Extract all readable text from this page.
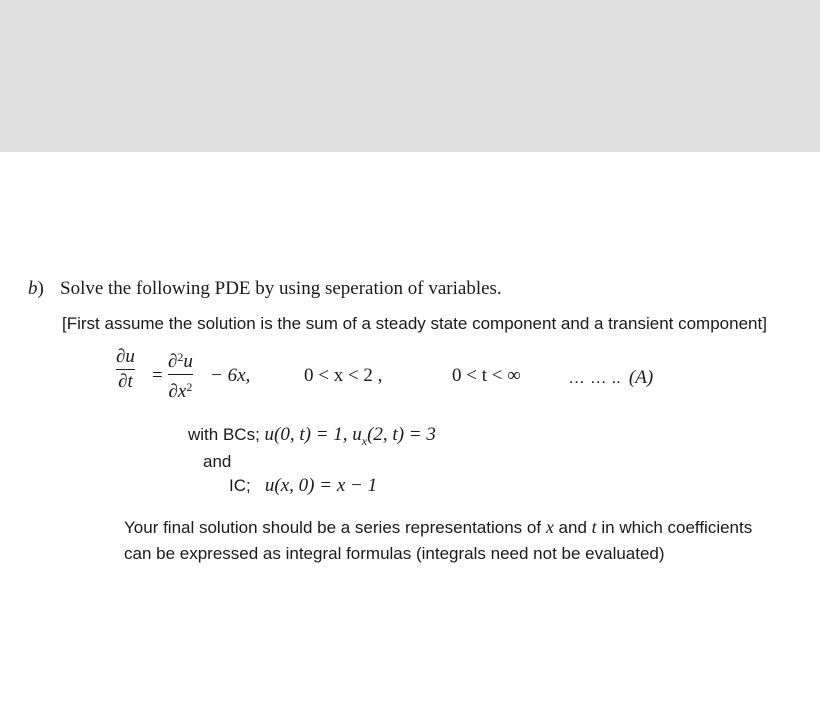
b) Solve the following PDE by using seperation of variables.
[First assume the solution is the sum of a steady state component and a transient component]
∂u
∂t =
∂$^2$u
$\partial x^2$
− 6x,	0 < x < 2 ,	0 < t < ∞	… … .. (A)
with BCs; u(0, t) = 1, $u_x(2$, t) = 3
and
IC; u(x, 0) = x − 1
Your final solution should be a series representations of x and t in which coefficients
can be expressed as integral formulas (integrals need not be evaluated)
